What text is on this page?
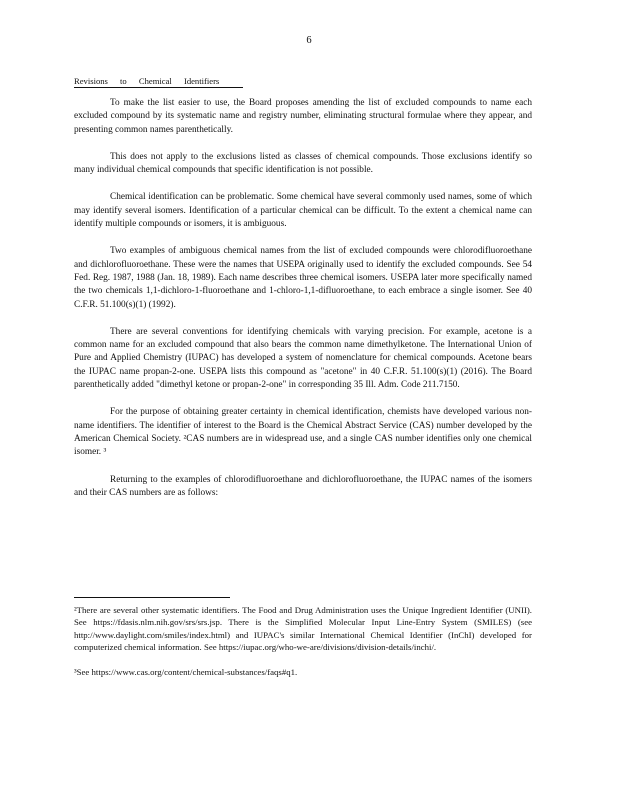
6
Revisions to Chemical Identifiers

To make the list easier to use, the Board proposes amending the list of excluded compounds to name each excluded compound by its systematic name and registry number, eliminating structural formulae where they appear, and presenting common names parenthetically.

This does not apply to the exclusions listed as classes of chemical compounds. Those exclusions identify so many individual chemical compounds that specific identification is not possible.

Chemical identification can be problematic. Some chemical have several commonly used names, some of which may identify several isomers. Identification of a particular chemical can be difficult. To the extent a chemical name can identify multiple compounds or isomers, it is ambiguous.

Two examples of ambiguous chemical names from the list of excluded compounds were chlorodifluoroethane and dichlorofluoroethane. These were the names that USEPA originally used to identify the excluded compounds. See 54 Fed. Reg. 1987, 1988 (Jan. 18, 1989). Each name describes three chemical isomers. USEPA later more specifically named the two chemicals 1,1-dichloro-1-fluoroethane and 1-chloro-1,1-difluoroethane, to each embrace a single isomer. See 40 C.F.R. 51.100(s)(1) (1992).

There are several conventions for identifying chemicals with varying precision. For example, acetone is a common name for an excluded compound that also bears the common name dimethylketone. The International Union of Pure and Applied Chemistry (IUPAC) has developed a system of nomenclature for chemical compounds. Acetone bears the IUPAC name propan-2-one. USEPA lists this compound as "acetone" in 40 C.F.R. 51.100(s)(1) (2016). The Board parenthetically added "dimethyl ketone or propan-2-one" in corresponding 35 Ill. Adm. Code 211.7150.

For the purpose of obtaining greater certainty in chemical identification, chemists have developed various non-name identifiers. The identifier of interest to the Board is the Chemical Abstract Service (CAS) number developed by the American Chemical Society. ²CAS numbers are in widespread use, and a single CAS number identifies only one chemical isomer. ³

Returning to the examples of chlorodifluoroethane and dichlorofluoroethane, the IUPAC names of the isomers and their CAS numbers are as follows:

²There are several other systematic identifiers. The Food and Drug Administration uses the Unique Ingredient Identifier (UNII). See https://fdasis.nlm.nih.gov/srs/srs.jsp. There is the Simplified Molecular Input Line-Entry System (SMILES) (see http://www.daylight.com/smiles/index.html) and IUPAC's similar International Chemical Identifier (InChI) developed for computerized chemical information. See https://iupac.org/who-we-are/divisions/division-details/inchi/.

³See https://www.cas.org/content/chemical-substances/faqs#q1.
